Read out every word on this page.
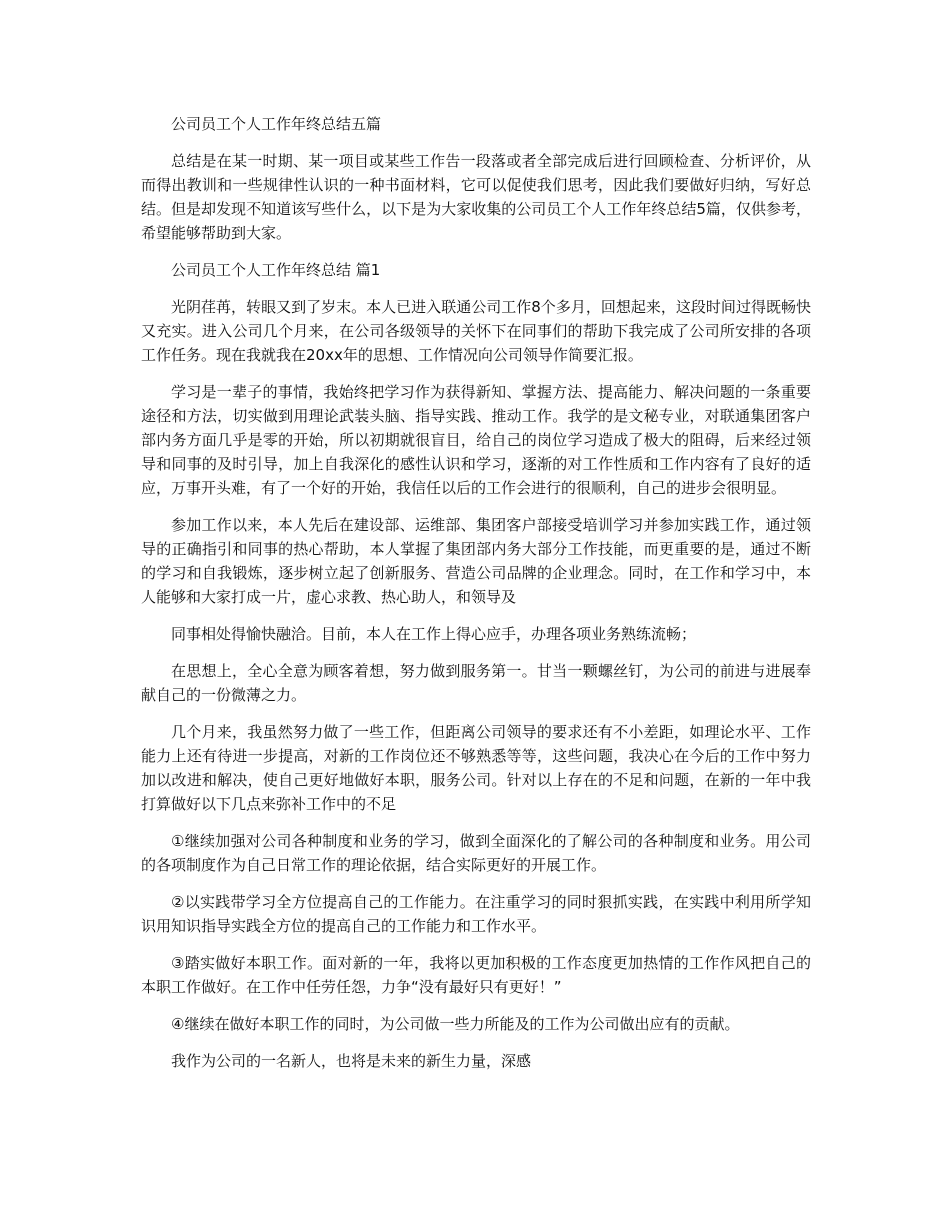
公司员工个人工作年终总结五篇

总结是在某一时期、某一项目或某些工作告一段落或者全部完成后进行回顾检查、分析评价，从而得出教训和一些规律性认识的一种书面材料，它可以促使我们思考，因此我们要做好归纳，写好总结。但是却发现不知道该写些什么，以下是为大家收集的公司员工个人工作年终总结5篇，仅供参考，希望能够帮助到大家。

公司员工个人工作年终总结 篇1

光阴荏苒，转眼又到了岁末。本人已进入联通公司工作8个多月，回想起来，这段时间过得既畅快又充实。进入公司几个月来，在公司各级领导的关怀下在同事们的帮助下我完成了公司所安排的各项工作任务。现在我就我在20xx年的思想、工作情况向公司领导作简要汇报。

学习是一辈子的事情，我始终把学习作为获得新知、掌握方法、提高能力、解决问题的一条重要途径和方法，切实做到用理论武装头脑、指导实践、推动工作。我学的是文秘专业，对联通集团客户部内务方面几乎是零的开始，所以初期就很盲目，给自己的岗位学习造成了极大的阻碍，后来经过领导和同事的及时引导，加上自我深化的感性认识和学习，逐渐的对工作性质和工作内容有了良好的适应，万事开头难，有了一个好的开始，我信任以后的工作会进行的很顺利，自己的进步会很明显。

参加工作以来，本人先后在建设部、运维部、集团客户部接受培训学习并参加实践工作，通过领导的正确指引和同事的热心帮助，本人掌握了集团部内务大部分工作技能，而更重要的是，通过不断的学习和自我锻炼，逐步树立起了创新服务、营造公司品牌的企业理念。同时，在工作和学习中，本人能够和大家打成一片，虚心求教、热心助人，和领导及

同事相处得愉快融洽。目前，本人在工作上得心应手，办理各项业务熟练流畅；

在思想上，全心全意为顾客着想，努力做到服务第一。甘当一颗螺丝钉，为公司的前进与进展奉献自己的一份微薄之力。

几个月来，我虽然努力做了一些工作，但距离公司领导的要求还有不小差距，如理论水平、工作能力上还有待进一步提高，对新的工作岗位还不够熟悉等等，这些问题，我决心在今后的工作中努力加以改进和解决，使自己更好地做好本职，服务公司。针对以上存在的不足和问题，在新的一年中我打算做好以下几点来弥补工作中的不足

①继续加强对公司各种制度和业务的学习，做到全面深化的了解公司的各种制度和业务。用公司的各项制度作为自己日常工作的理论依据，结合实际更好的开展工作。

②以实践带学习全方位提高自己的工作能力。在注重学习的同时狠抓实践，在实践中利用所学知识用知识指导实践全方位的提高自己的工作能力和工作水平。

③踏实做好本职工作。面对新的一年，我将以更加积极的工作态度更加热情的工作作风把自己的本职工作做好。在工作中任劳任怨，力争“没有最好只有更好！”

④继续在做好本职工作的同时，为公司做一些力所能及的工作为公司做出应有的贡献。

我作为公司的一名新人，也将是未来的新生力量，深感
